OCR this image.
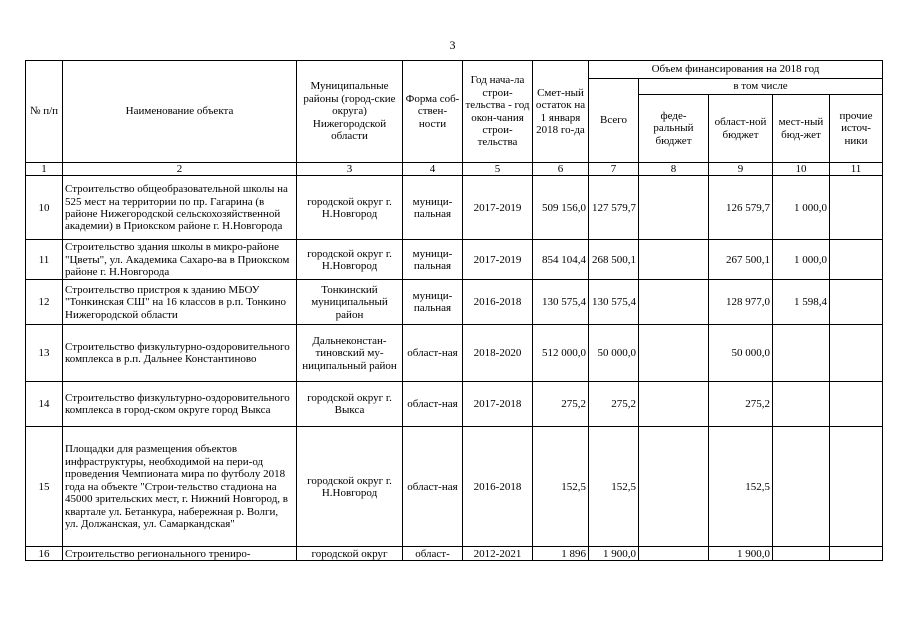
3
№ п/п	Наименование объекта	Муниципальные районы (город-ские округа) Нижегородской области	Форма соб-ствен-ности	Год нача-ла строи-тельства - год окон-чания строи-тельства	Смет-ный остаток на 1 января 2018 го-да	Объем финансирования на 2018 год				
						Всего	в том числе			
							феде-ральный бюджет	област-ной бюджет	мест-ный бюд-жет	прочие источ-ники
1	2	3	4	5	6	7	8	9	10	11
10	Строительство общеобразовательной школы на 525 мест на территории по пр. Гагарина (в районе Нижегородской сельскохозяйственной академии) в Приокском районе г. Н.Новгорода	городской округ г. Н.Новгород	муници-пальная	2017-2019	509 156,0	127 579,7		126 579,7	1 000,0	
11	Строительство здания школы в микро-районе "Цветы", ул. Академика Сахаро-ва в Приокском районе г. Н.Новгорода	городской округ г. Н.Новгород	муници-пальная	2017-2019	854 104,4	268 500,1		267 500,1	1 000,0	
12	Строительство пристроя к зданию МБОУ "Тонкинская СШ" на 16 классов в р.п. Тонкино Нижегородской области	Тонкинский муниципальный район	муници-пальная	2016-2018	130 575,4	130 575,4		128 977,0	1 598,4	
13	Строительство физкультурно-оздоровительного комплекса в р.п. Дальнее Константиново	Дальнеконстан-тиновский му-ниципальный район	област-ная	2018-2020	512 000,0	50 000,0		50 000,0		
14	Строительство физкультурно-оздоровительного комплекса в город-ском округе город Выкса	городской округ г. Выкса	област-ная	2017-2018	275,2	275,2		275,2		
15	Площадки для размещения объектов инфраструктуры, необходимой на пери-од проведения Чемпионата мира по футболу 2018 года на объекте "Строи-тельство стадиона на 45000 зрительских мест, г. Нижний Новгород, в квартале ул. Бетанкура, набережная р. Волги, ул. Должанская, ул. Самаркандская"	городской округ г. Н.Новгород	област-ная	2016-2018	152,5	152,5		152,5		
16	Строительство регионального трениро-	городской округ	област-	2012-2021	1 896	1 900,0		1 900,0		
